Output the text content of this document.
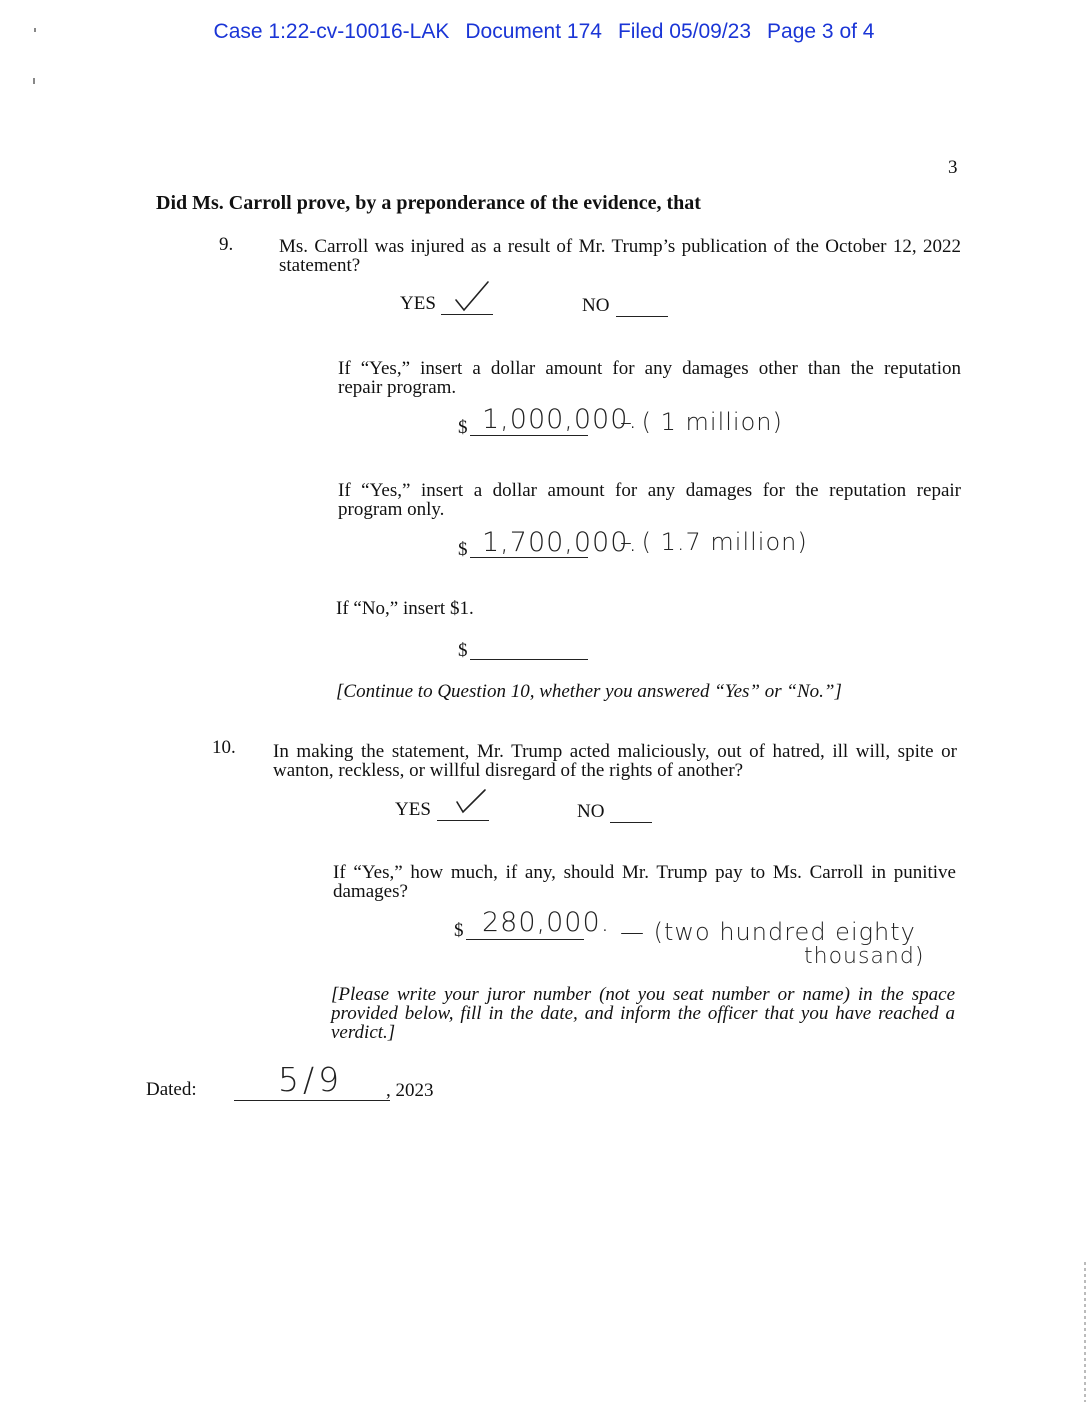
Case 1:22-cv-10016-LAK Document 174 Filed 05/09/23 Page 3 of 4
3
Did Ms. Carroll prove, by a preponderance of the evidence, that
9. Ms. Carroll was injured as a result of Mr. Trump’s publication of the October 12, 2022
statement?
YES	NO
If “Yes,” insert a dollar amount for any damages other than the reputation
repair program.
$ 1,000,000.
– ( 1 million)
If “Yes,” insert a dollar amount for any damages for the reputation repair
program only.
$ 1,700,000.
– ( 1.7 million)
If “No,” insert $1.
$
[Continue to Question 10, whether you answered “Yes” or “No.”]
10. In making the statement, Mr. Trump acted maliciously, out of hatred, ill will, spite or
wanton, reckless, or willful disregard of the rights of another?
YES	NO
If “Yes,” how much, if any, should Mr. Trump pay to Ms. Carroll in punitive
damages?
$ 280,000. — (two hundred eighty
thousand)
[Please write your juror number (not you seat number or name) in the space
provided below, fill in the date, and inform the officer that you have reached a
verdict.]
Dated: 5/9 , 2023
